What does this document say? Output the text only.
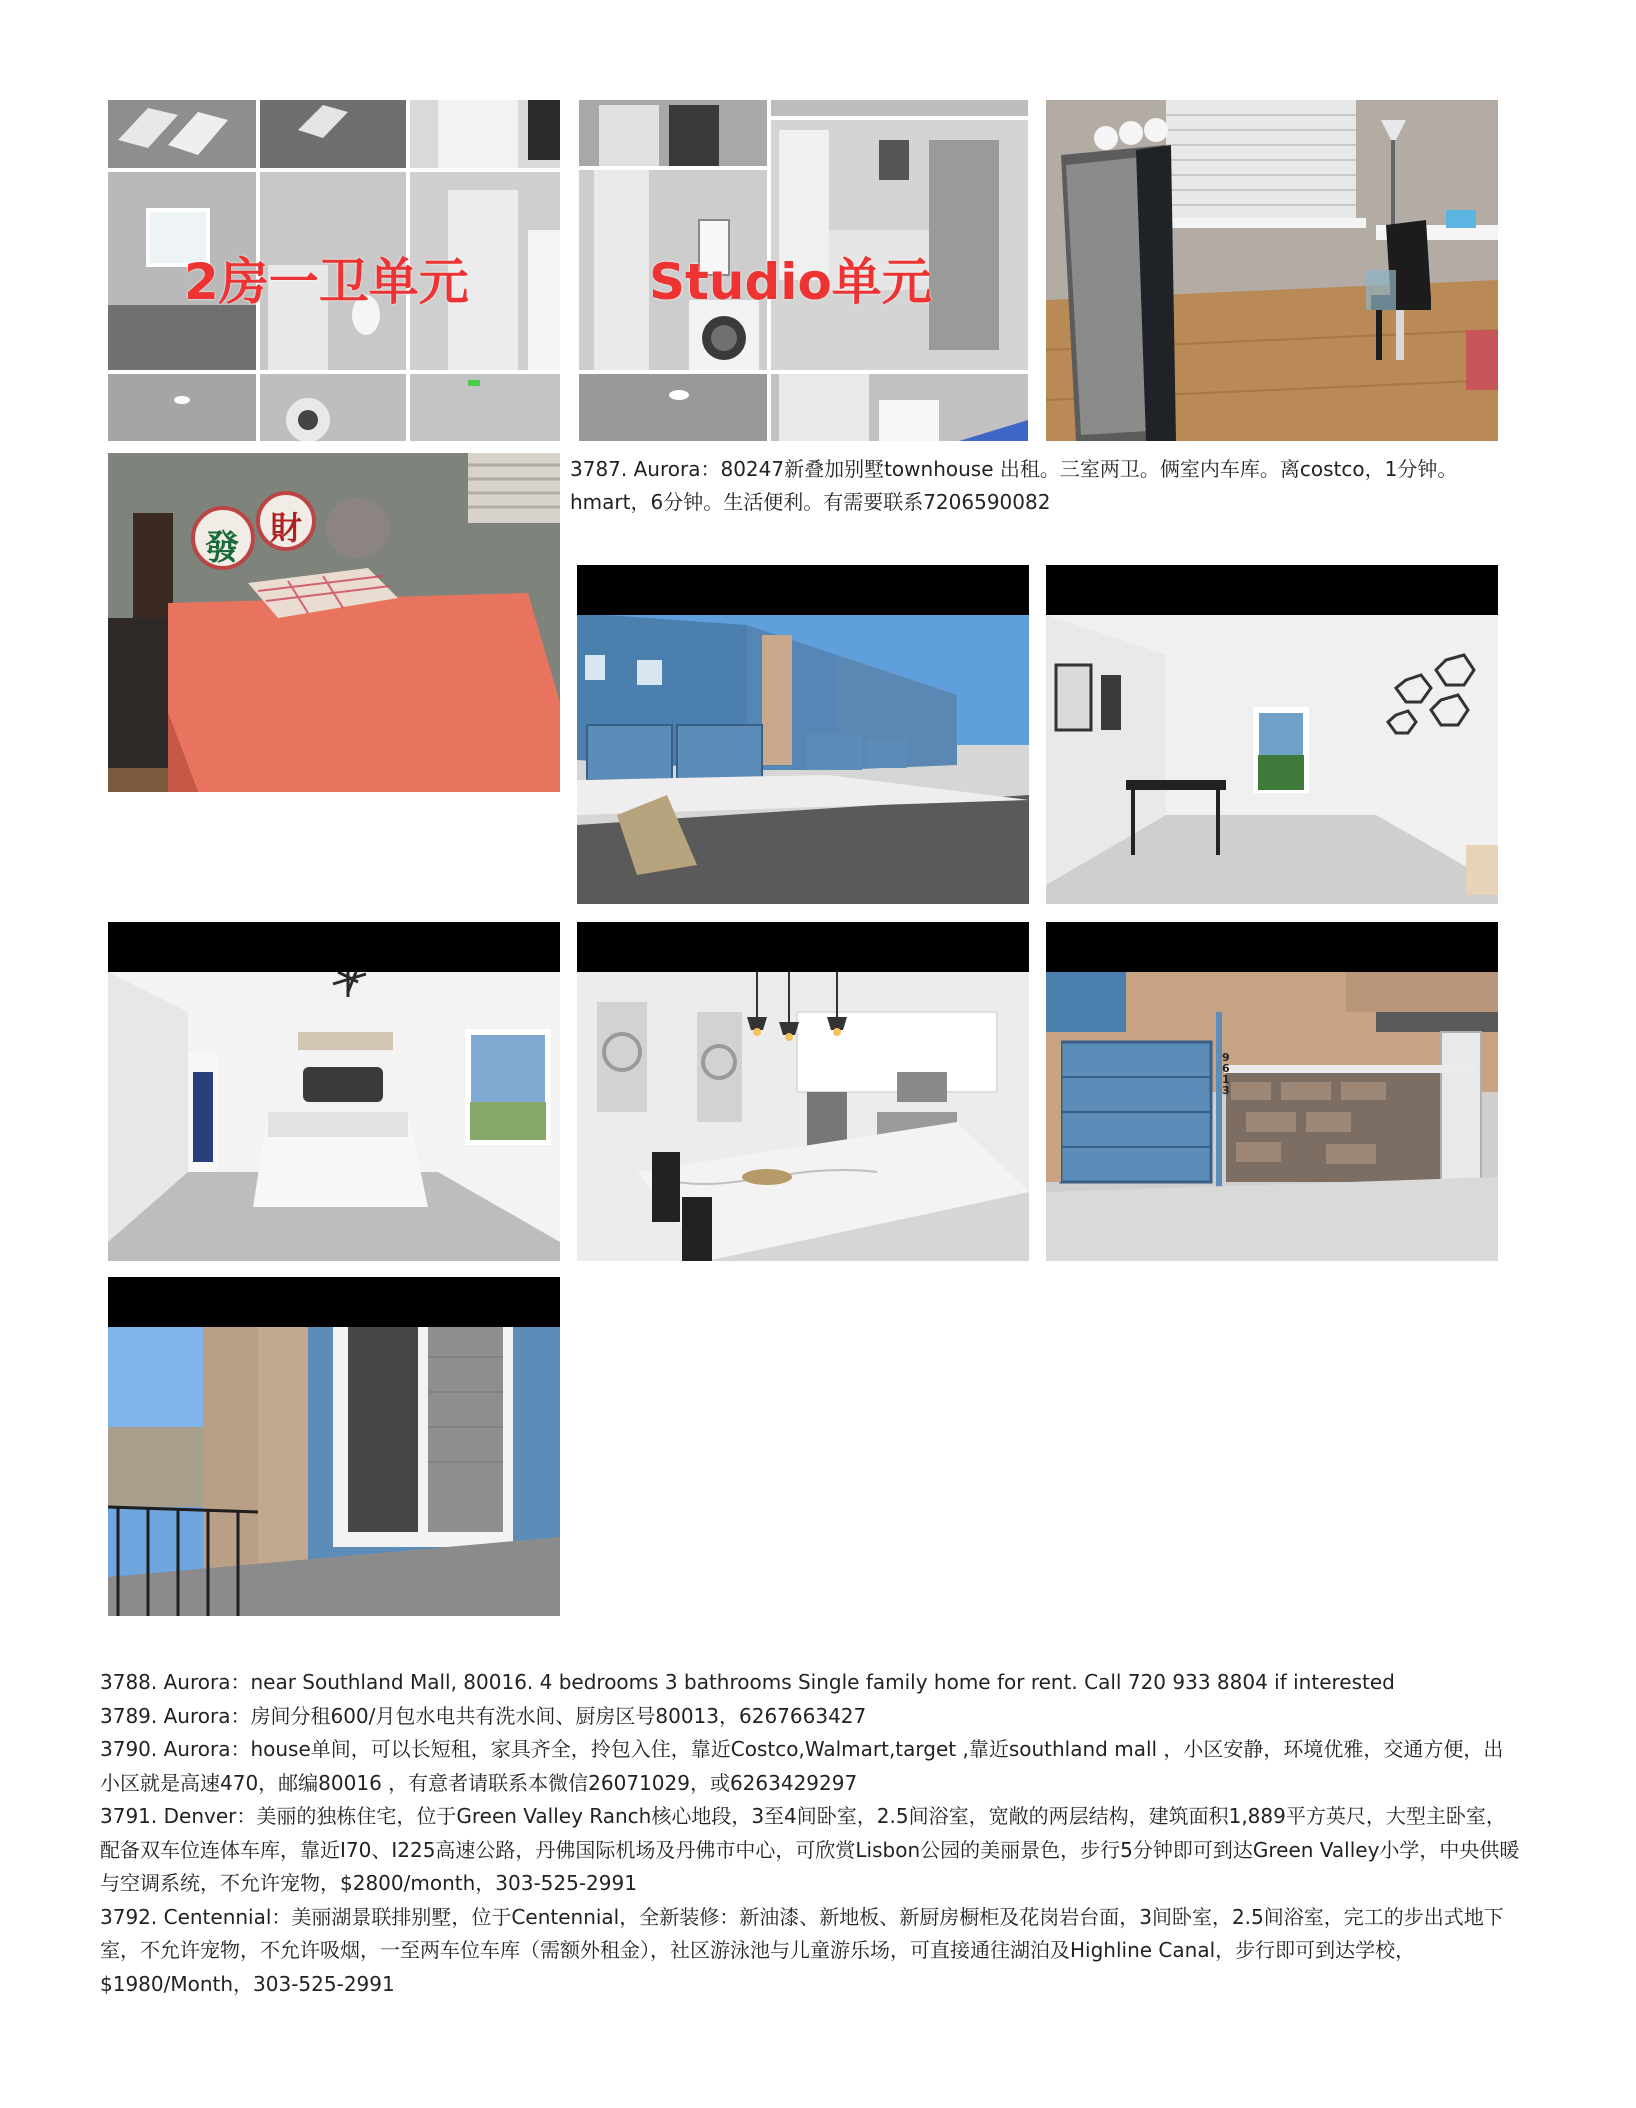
2房一卫单元	Studio单元
發 財
3787. Aurora：80247新叠加别墅townhouse 出租。三室两卫。俩室内车库。离costco，1分钟。hmart，6分钟。生活便利。有需要联系7206590082
9613

3788. Aurora：near Southland Mall, 80016. 4 bedrooms 3 bathrooms Single family home for rent. Call 720 933 8804 if interested

3789. Aurora：房间分租600/月包水电共有洗水间、厨房区号80013，6267663427

3790. Aurora：house单间，可以长短租，家具齐全，拎包入住，靠近Costco,Walmart,target ,靠近southland mall ，小区安静，环境优雅，交通方便，出小区就是高速470，邮编80016 ，有意者请联系本微信26071029，或6263429297

3791. Denver：美丽的独栋住宅，位于Green Valley Ranch核心地段，3至4间卧室，2.5间浴室，宽敞的两层结构，建筑面积1,889平方英尺，大型主卧室，配备双车位连体车库，靠近I70、I225高速公路，丹佛国际机场及丹佛市中心，可欣赏Lisbon公园的美丽景色，步行5分钟即可到达Green Valley小学，中央供暖与空调系统，不允许宠物，$2800/month，303-525-2991

3792. Centennial：美丽湖景联排别墅，位于Centennial，全新装修：新油漆、新地板、新厨房橱柜及花岗岩台面，3间卧室，2.5间浴室，完工的步出式地下室，不允许宠物，不允许吸烟，一至两车位车库（需额外租金），社区游泳池与儿童游乐场，可直接通往湖泊及Highline Canal，步行即可到达学校，$1980/Month，303-525-2991
